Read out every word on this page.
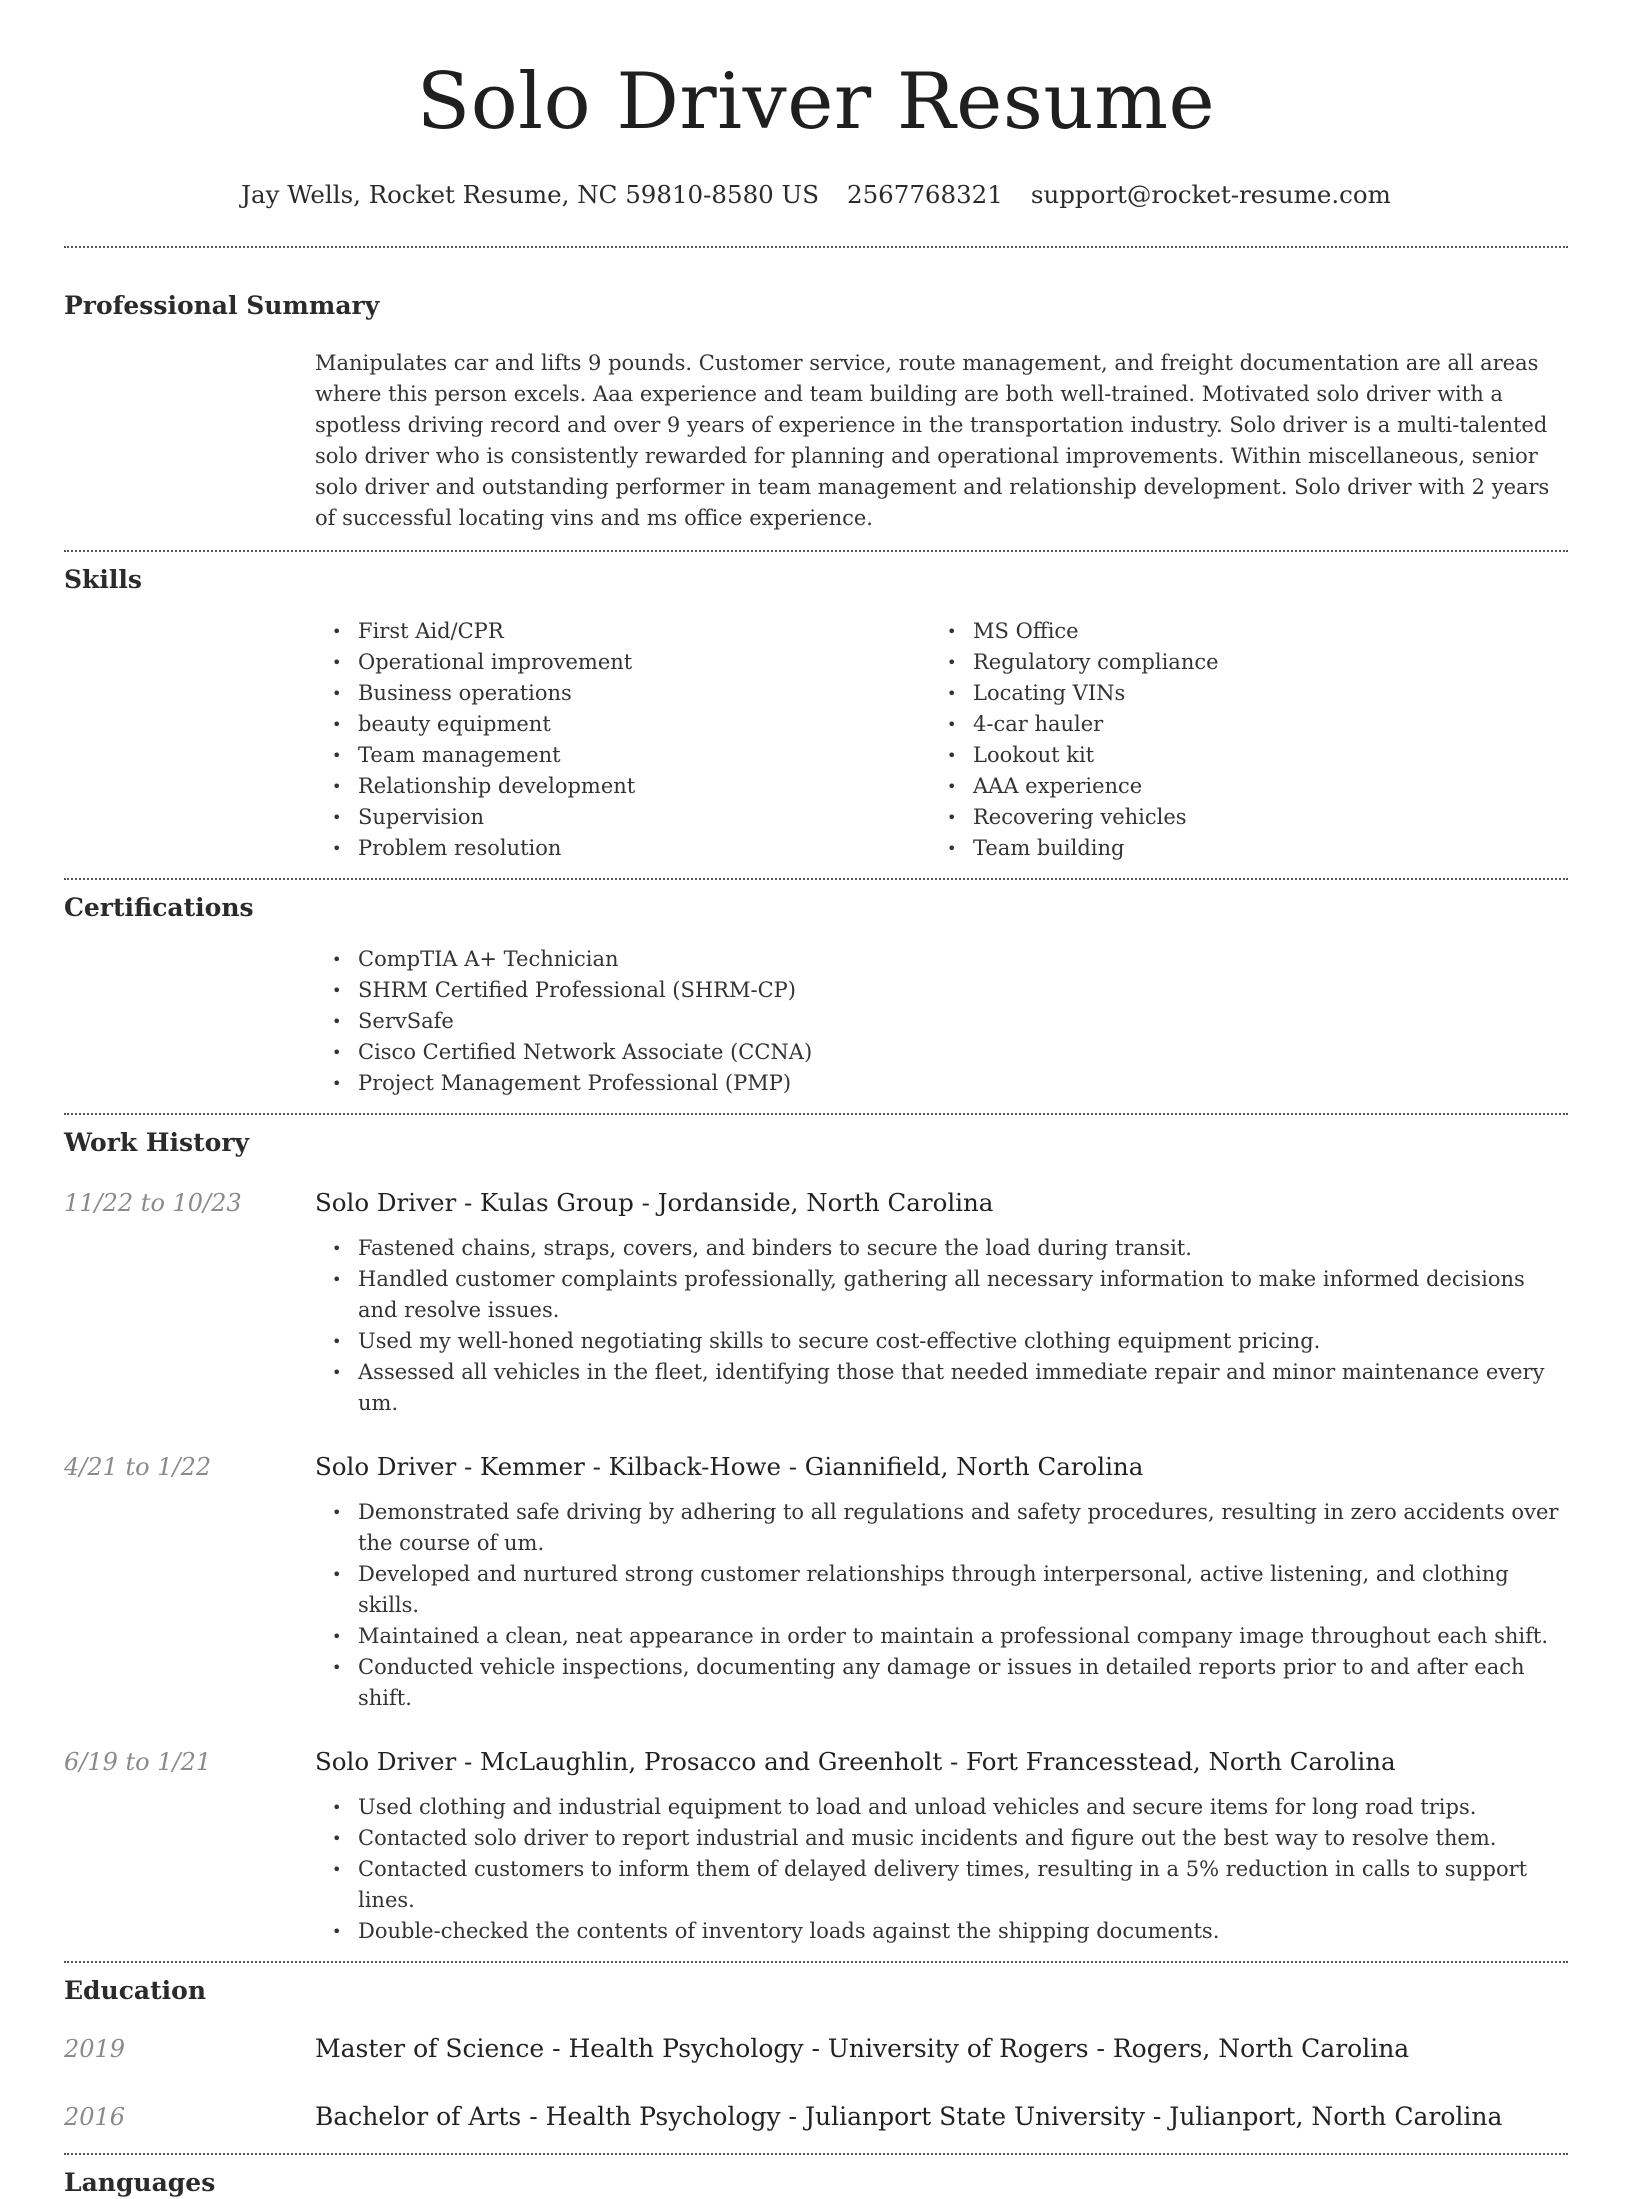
Solo Driver Resume
Jay Wells, Rocket Resume, NC 59810-8580 US 2567768321 support@rocket-resume.com
Professional Summary

Manipulates car and lifts 9 pounds. Customer service, route management, and freight documentation are all areas where this person excels. Aaa experience and team building are both well-trained. Motivated solo driver with a spotless driving record and over 9 years of experience in the transportation industry. Solo driver is a multi-talented solo driver who is consistently rewarded for planning and operational improvements. Within miscellaneous, senior solo driver and outstanding performer in team management and relationship development. Solo driver with 2 years of successful locating vins and ms office experience.

Skills
• First Aid/CPR
• Operational improvement
• Business operations
• beauty equipment
• Team management
• Relationship development
• Supervision
• Problem resolution
• MS Office
• Regulatory compliance
• Locating VINs
• 4-car hauler
• Lookout kit
• AAA experience
• Recovering vehicles
• Team building
Certifications
• CompTIA A+ Technician
• SHRM Certified Professional (SHRM-CP)
• ServSafe
• Cisco Certified Network Associate (CCNA)
• Project Management Professional (PMP)
Work History
11/22 to 10/23	Solo Driver - Kulas Group - Jordanside, North Carolina
• Fastened chains, straps, covers, and binders to secure the load during transit.
• Handled customer complaints professionally, gathering all necessary information to make informed decisions and resolve issues.
• Used my well-honed negotiating skills to secure cost-effective clothing equipment pricing.
• Assessed all vehicles in the fleet, identifying those that needed immediate repair and minor maintenance every um.
4/21 to 1/22	Solo Driver - Kemmer - Kilback-Howe - Giannifield, North Carolina
• Demonstrated safe driving by adhering to all regulations and safety procedures, resulting in zero accidents over the course of um.
• Developed and nurtured strong customer relationships through interpersonal, active listening, and clothing skills.
• Maintained a clean, neat appearance in order to maintain a professional company image throughout each shift.
• Conducted vehicle inspections, documenting any damage or issues in detailed reports prior to and after each shift.
6/19 to 1/21	Solo Driver - McLaughlin, Prosacco and Greenholt - Fort Francesstead, North Carolina
• Used clothing and industrial equipment to load and unload vehicles and secure items for long road trips.
• Contacted solo driver to report industrial and music incidents and figure out the best way to resolve them.
• Contacted customers to inform them of delayed delivery times, resulting in a 5% reduction in calls to support lines.
• Double-checked the contents of inventory loads against the shipping documents.
Education
2019	Master of Science - Health Psychology - University of Rogers - Rogers, North Carolina
2016	Bachelor of Arts - Health Psychology - Julianport State University - Julianport, North Carolina
Languages
